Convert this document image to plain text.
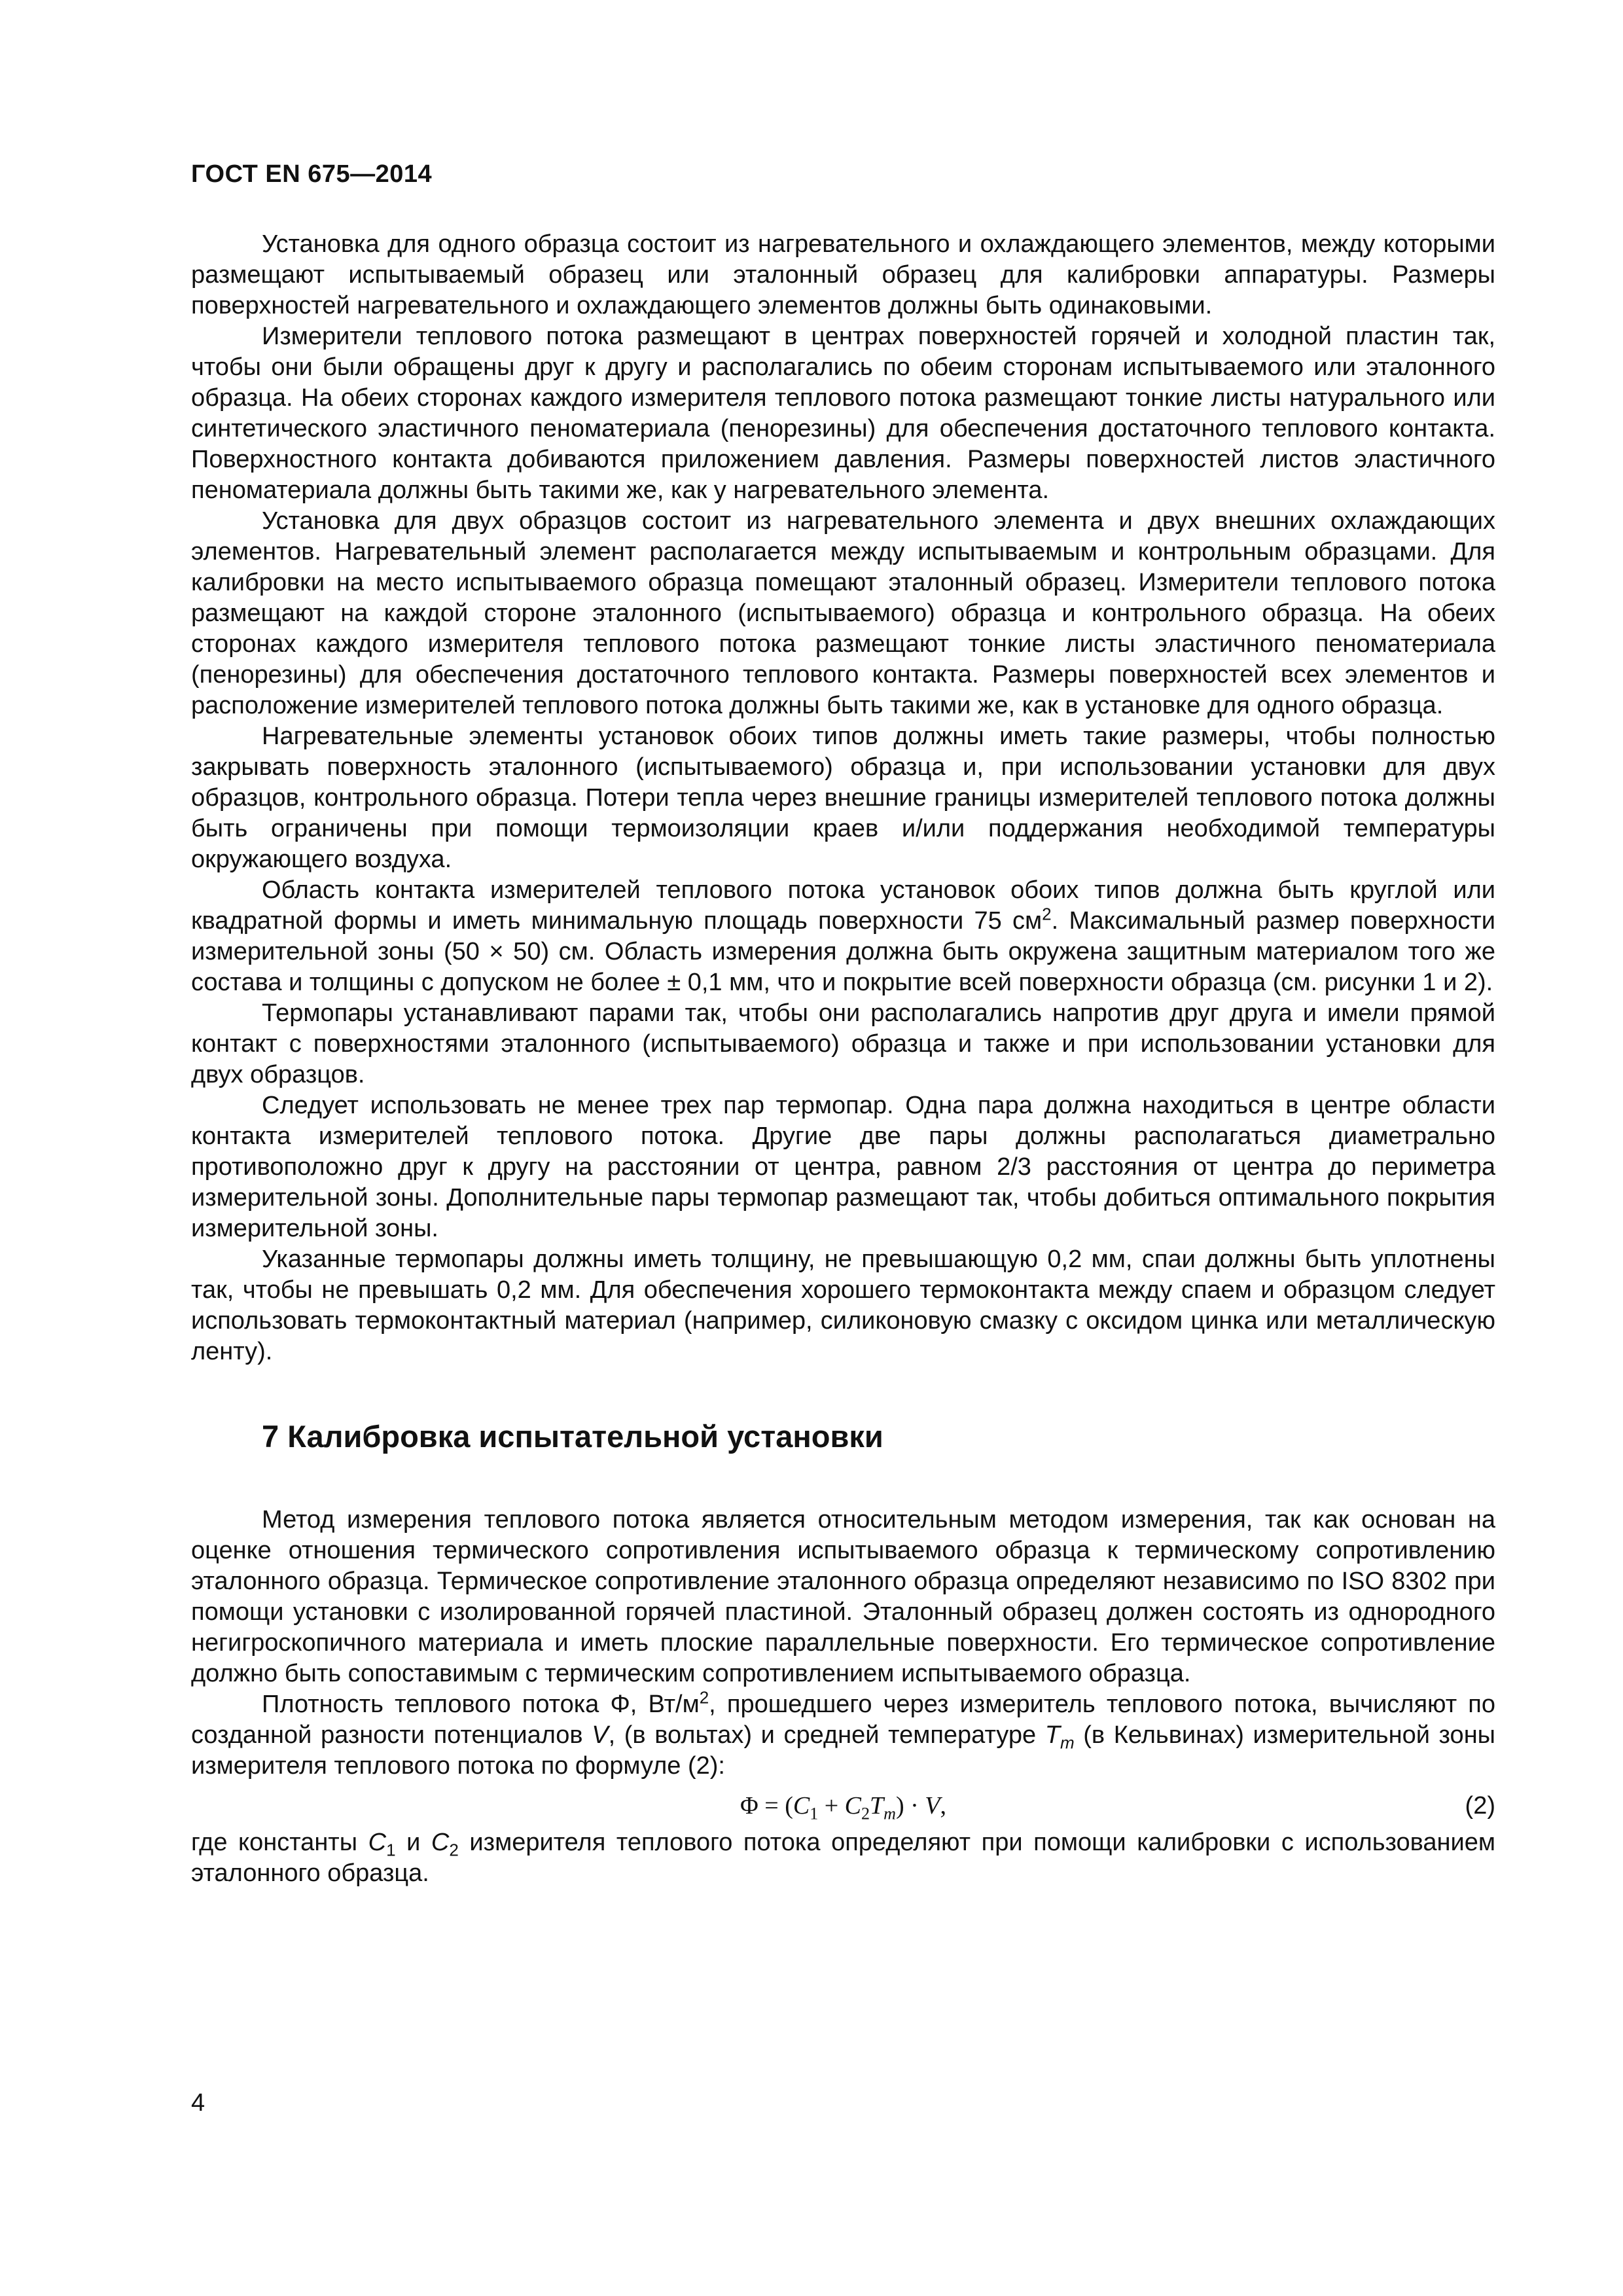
ГОСТ EN 675—2014

Установка для одного образца состоит из нагревательного и охлаждающего элементов, между которыми размещают испытываемый образец или эталонный образец для калибровки аппаратуры. Размеры поверхностей нагревательного и охлаждающего элементов должны быть одинаковыми.

Измерители теплового потока размещают в центрах поверхностей горячей и холодной пластин так, чтобы они были обращены друг к другу и располагались по обеим сторонам испытываемого или эталонного образца. На обеих сторонах каждого измерителя теплового потока размещают тонкие листы натурального или синтетического эластичного пеноматериала (пенорезины) для обеспечения достаточного теплового контакта. Поверхностного контакта добиваются приложением давления. Размеры поверхностей листов эластичного пеноматериала должны быть такими же, как у нагревательного элемента.

Установка для двух образцов состоит из нагревательного элемента и двух внешних охлаждающих элементов. Нагревательный элемент располагается между испытываемым и контрольным образцами. Для калибровки на место испытываемого образца помещают эталонный образец. Измерители теплового потока размещают на каждой стороне эталонного (испытываемого) образца и контрольного образца. На обеих сторонах каждого измерителя теплового потока размещают тонкие листы эластичного пеноматериала (пенорезины) для обеспечения достаточного теплового контакта. Размеры поверхностей всех элементов и расположение измерителей теплового потока должны быть такими же, как в установке для одного образца.

Нагревательные элементы установок обоих типов должны иметь такие размеры, чтобы полностью закрывать поверхность эталонного (испытываемого) образца и, при использовании установки для двух образцов, контрольного образца. Потери тепла через внешние границы измерителей теплового потока должны быть ограничены при помощи термоизоляции краев и/или поддержания необходимой температуры окружающего воздуха.

Область контакта измерителей теплового потока установок обоих типов должна быть круглой или квадратной формы и иметь минимальную площадь поверхности 75 $см^2$. Максимальный размер поверхности измерительной зоны (50 × 50) см. Область измерения должна быть окружена защитным материалом того же состава и толщины с допуском не более ± 0,1 мм, что и покрытие всей поверхности образца (см. рисунки 1 и 2).

Термопары устанавливают парами так, чтобы они располагались напротив друг друга и имели прямой контакт с поверхностями эталонного (испытываемого) образца и также и при использовании установки для двух образцов.

Следует использовать не менее трех пар термопар. Одна пара должна находиться в центре области контакта измерителей теплового потока. Другие две пары должны располагаться диаметрально противоположно друг к другу на расстоянии от центра, равном 2/3 расстояния от центра до периметра измерительной зоны. Дополнительные пары термопар размещают так, чтобы добиться оптимального покрытия измерительной зоны.

Указанные термопары должны иметь толщину, не превышающую 0,2 мм, спаи должны быть уплотнены так, чтобы не превышать 0,2 мм. Для обеспечения хорошего термоконтакта между спаем и образцом следует использовать термоконтактный материал (например, силиконовую смазку с оксидом цинка или металлическую ленту).

7 Калибровка испытательной установки

Метод измерения теплового потока является относительным методом измерения, так как основан на оценке отношения термического сопротивления испытываемого образца к термическому сопротивлению эталонного образца. Термическое сопротивление эталонного образца определяют независимо по ISO 8302 при помощи установки с изолированной горячей пластиной. Эталонный образец должен состоять из однородного негигроскопичного материала и иметь плоские параллельные поверхности. Его термическое сопротивление должно быть сопоставимым с термическим сопротивлением испытываемого образца.

Плотность теплового потока Φ, $Вт/м^2$, прошедшего через измеритель теплового потока, вычисляют по созданной разности потенциалов V, (в вольтах) и средней температуре $T_m$ (в Кельвинах) измерительной зоны измерителя теплового потока по формуле (2):

$\Phi = (C_1 + C_2T_m) \cdot V$,	(2)

где константы $C_1$ и $C_2$ измерителя теплового потока определяют при помощи калибровки с использованием эталонного образца.

4
